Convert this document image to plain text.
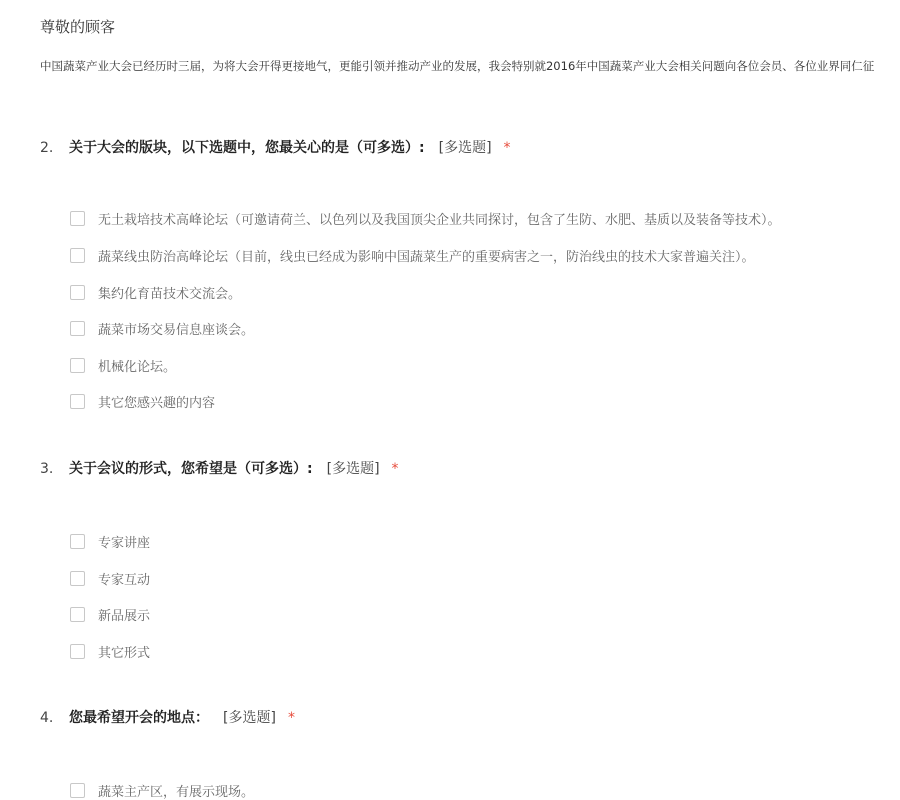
尊敬的顾客
中国蔬菜产业大会已经历时三届，为将大会开得更接地气，更能引领并推动产业的发展，我会特别就2016年中国蔬菜产业大会相关问题向各位会员、各位业界同仁征
2. 关于大会的版块，以下选题中，您最关心的是（可多选）: [多选题] *
无土栽培技术高峰论坛（可邀请荷兰、以色列以及我国顶尖企业共同探讨，包含了生防、水肥、基质以及装备等技术）。
蔬菜线虫防治高峰论坛（目前，线虫已经成为影响中国蔬菜生产的重要病害之一，防治线虫的技术大家普遍关注）。
集约化育苗技术交流会。
蔬菜市场交易信息座谈会。
机械化论坛。
其它您感兴趣的内容
3. 关于会议的形式，您希望是（可多选）: [多选题] *
专家讲座
专家互动
新品展示
其它形式
4. 您最希望开会的地点： [多选题] *
蔬菜主产区，有展示现场。
